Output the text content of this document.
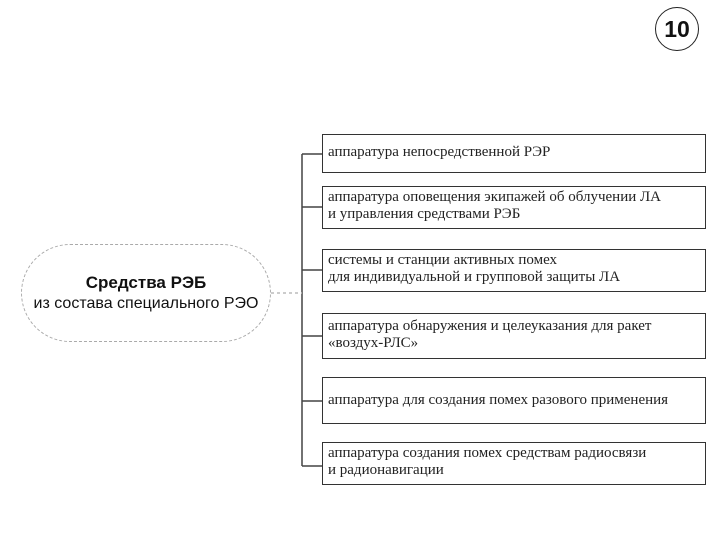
10
Средства РЭБ
из состава специального РЭО
аппаратура непосредственной РЭР
аппаратура оповещения экипажей об облучении ЛА
и управления средствами РЭБ
системы и станции активных помех
для индивидуальной и групповой защиты ЛА
аппаратура обнаружения и целеуказания для ракет
«воздух-РЛС»
аппаратура для создания помех разового применения
аппаратура создания помех средствам радиосвязи
и радионавигации
